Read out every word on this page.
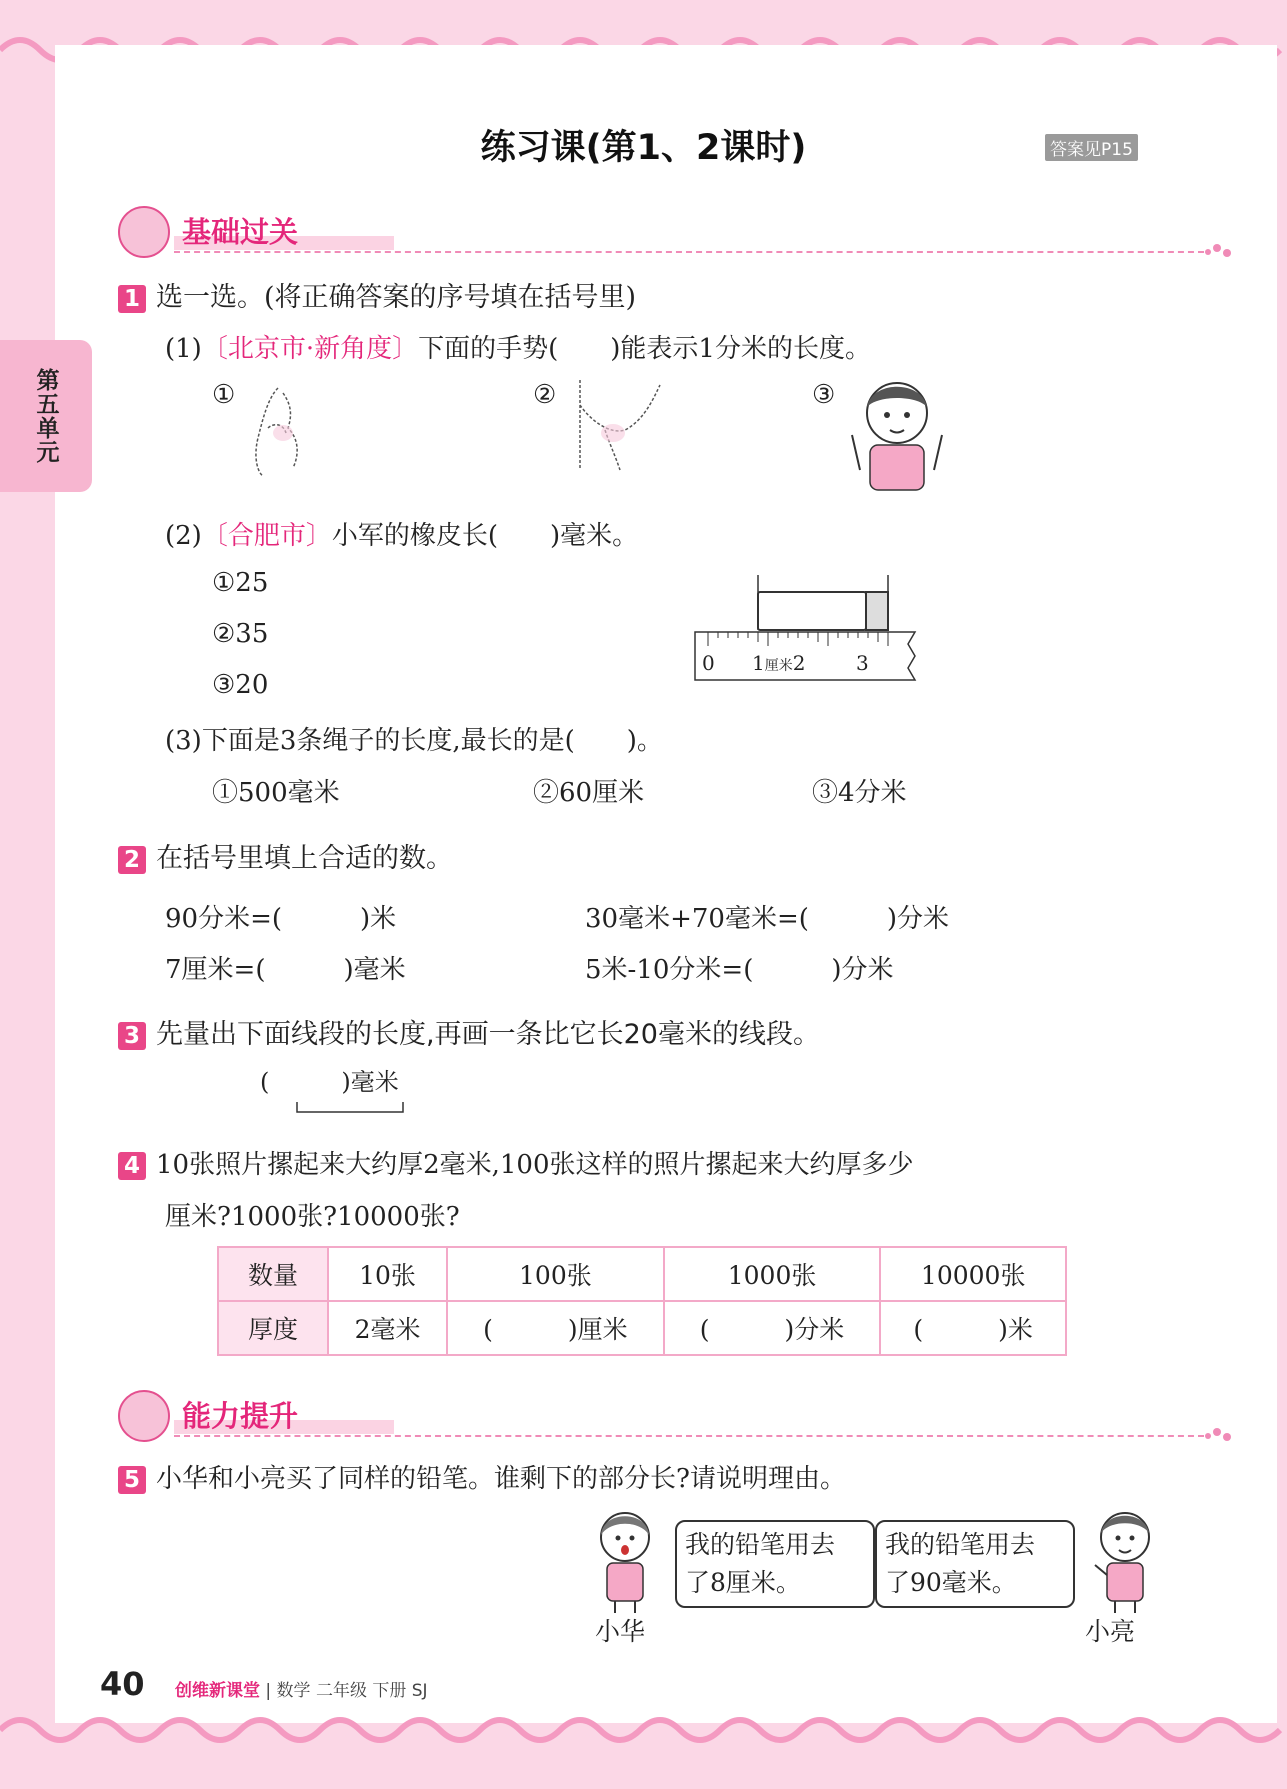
第五单元
练习课(第1、2课时)	答案见P15
基础过关
1 选一选。(将正确答案的序号填在括号里)
(1)〔北京市·新角度〕下面的手势(　　)能表示1分米的长度。
①	②	③
(2)〔合肥市〕小军的橡皮长(　　)毫米。
①25
②35
③20
0 1厘米2	3
(3)下面是3条绳子的长度,最长的是(　　)。
①500毫米	②60厘米	③4分米
2 在括号里填上合适的数。
90分米=(　　　)米	30毫米+70毫米=(　　　)分米
7厘米=(　　　)毫米	5米-10分米=(　　　)分米
3 先量出下面线段的长度,再画一条比它长20毫米的线段。
(　　　)毫米
4 10张照片摞起来大约厚2毫米,100张这样的照片摞起来大约厚多少
厘米?1000张?10000张?
数量	10张	100张	1000张	10000张
厚度	2毫米	(　　　)厘米	(　　　)分米	(　　　)米
能力提升
5 小华和小亮买了同样的铅笔。谁剩下的部分长?请说明理由。
我的铅笔用去
了8厘米。
我的铅笔用去
了90毫米。
小华	小亮
40 创维新课堂 | 数学 二年级 下册 SJ
